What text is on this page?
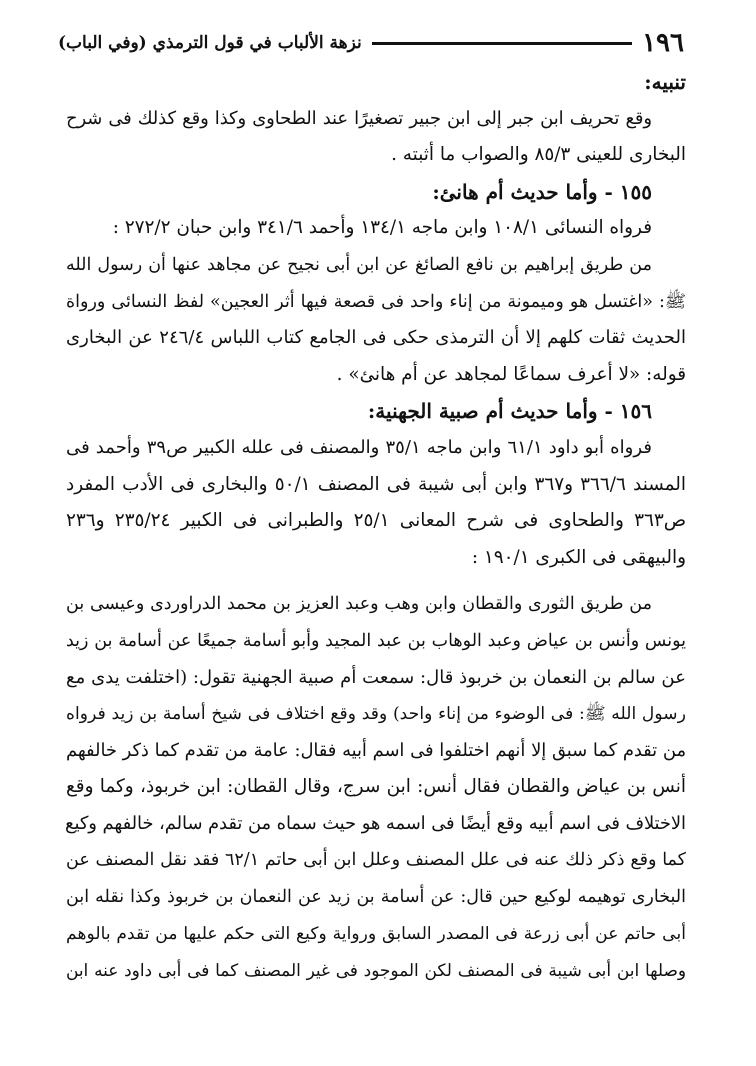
١٩٦
نزهة الألباب في قول الترمذي (وفي الباب)

تنبيه:

وقع تحريف ابن جبر إلى ابن جبير تصغيرًا عند الطحاوى وكذا وقع كذلك فى شرح
البخارى للعينى ٨٥/٣ والصواب ما أثبته .

١٥٥ - وأما حديث أم هانئ:

فرواه النسائى ١٠٨/١ وابن ماجه ١٣٤/١ وأحمد ٣٤١/٦ وابن حبان ٢٧٢/٢ :

من طريق إبراهيم بن نافع الصائغ عن ابن أبى نجيح عن مجاهد عنها أن رسول الله
ﷺ: «اغتسل هو وميمونة من إناء واحد فى قصعة فيها أثر العجين» لفظ النسائى ورواة
الحديث ثقات كلهم إلا أن الترمذى حكى فى الجامع كتاب اللباس ٢٤٦/٤ عن البخارى
قوله: «لا أعرف سماعًا لمجاهد عن أم هانئ» .

١٥٦ - وأما حديث أم صبية الجهنية:

فرواه أبو داود ٦١/١ وابن ماجه ٣٥/١ والمصنف فى علله الكبير ص٣٩ وأحمد فى
المسند ٣٦٦/٦ و٣٦٧ وابن أبى شيبة فى المصنف ٥٠/١ والبخارى فى الأدب المفرد
ص٣٦٣ والطحاوى فى شرح المعانى ٢٥/١ والطبرانى فى الكبير ٢٣٥/٢٤ و٢٣٦
والبيهقى فى الكبرى ١٩٠/١ :

من طريق الثورى والقطان وابن وهب وعبد العزيز بن محمد الدراوردى وعيسى بن
يونس وأنس بن عياض وعبد الوهاب بن عبد المجيد وأبو أسامة جميعًا عن أسامة بن زيد
عن سالم بن النعمان بن خربوذ قال: سمعت أم صبية الجهنية تقول: (اختلفت يدى مع
رسول الله ﷺ: فى الوضوء من إناء واحد) وقد وقع اختلاف فى شيخ أسامة بن زيد فرواه
من تقدم كما سبق إلا أنهم اختلفوا فى اسم أبيه فقال: عامة من تقدم كما ذكر خالفهم
أنس بن عياض والقطان فقال أنس: ابن سرج، وقال القطان: ابن خربوذ، وكما وقع
الاختلاف فى اسم أبيه وقع أيضًا فى اسمه هو حيث سماه من تقدم سالم، خالفهم وكيع
كما وقع ذكر ذلك عنه فى علل المصنف وعلل ابن أبى حاتم ٦٢/١ فقد نقل المصنف عن
البخارى توهيمه لوكيع حين قال: عن أسامة بن زيد عن النعمان بن خربوذ وكذا نقله ابن
أبى حاتم عن أبى زرعة فى المصدر السابق ورواية وكيع التى حكم عليها من تقدم بالوهم
وصلها ابن أبى شيبة فى المصنف لكن الموجود فى غير المصنف كما فى أبى داود عنه ابن
